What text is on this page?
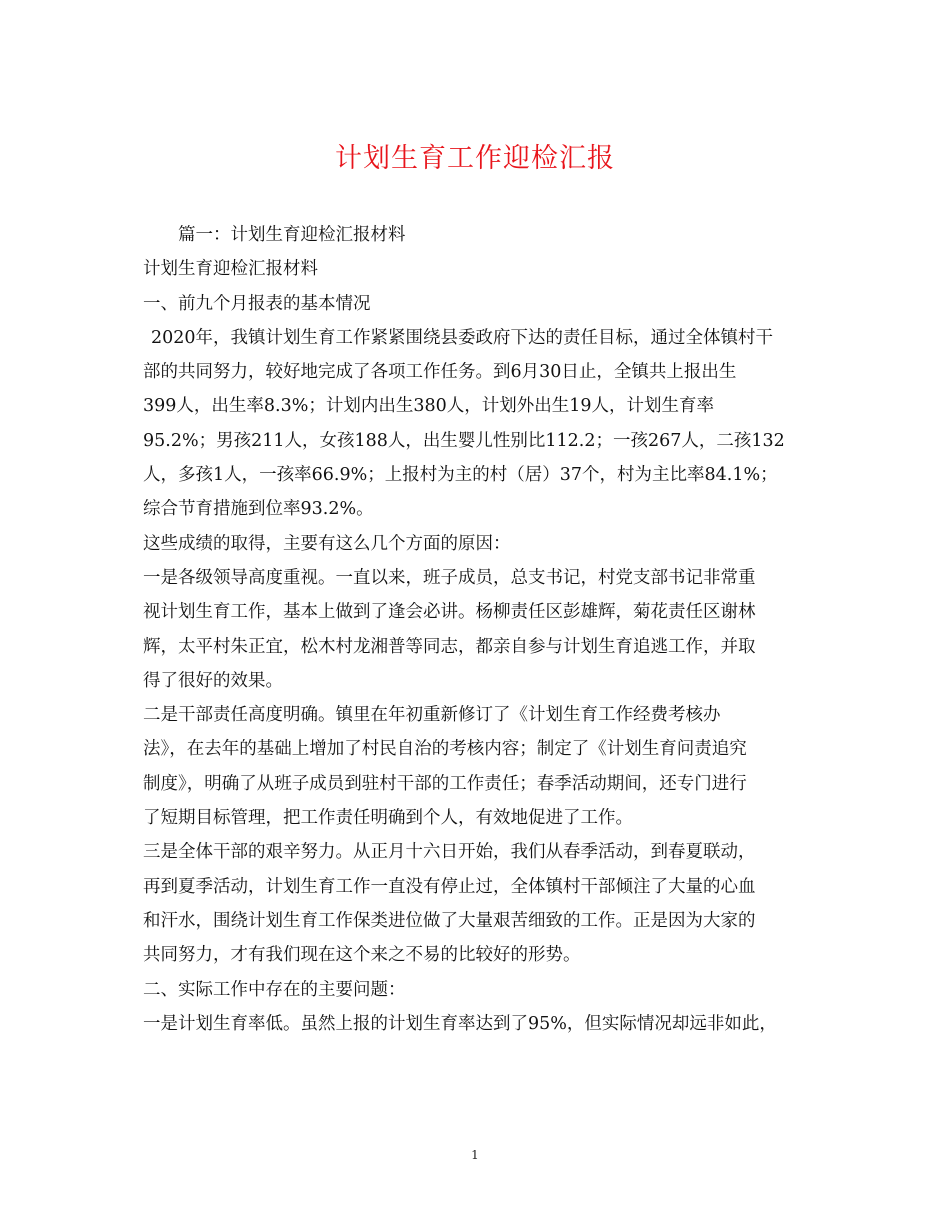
计划生育工作迎检汇报
篇一：计划生育迎检汇报材料
计划生育迎检汇报材料
一、前九个月报表的基本情况
2020年，我镇计划生育工作紧紧围绕县委政府下达的责任目标，通过全体镇村干
部的共同努力，较好地完成了各项工作任务。到6月30日止，全镇共上报出生
399人，出生率8.3%；计划内出生380人，计划外出生19人，计划生育率
95.2%；男孩211人，女孩188人，出生婴儿性别比112.2；一孩267人，二孩132
人，多孩1人，一孩率66.9%；上报村为主的村（居）37个，村为主比率84.1%；
综合节育措施到位率93.2%。
这些成绩的取得，主要有这么几个方面的原因：
一是各级领导高度重视。一直以来，班子成员，总支书记，村党支部书记非常重
视计划生育工作，基本上做到了逢会必讲。杨柳责任区彭雄辉，菊花责任区谢林
辉，太平村朱正宜，松木村龙湘普等同志，都亲自参与计划生育追逃工作，并取
得了很好的效果。
二是干部责任高度明确。镇里在年初重新修订了《计划生育工作经费考核办
法》，在去年的基础上增加了村民自治的考核内容；制定了《计划生育问责追究
制度》，明确了从班子成员到驻村干部的工作责任；春季活动期间，还专门进行
了短期目标管理，把工作责任明确到个人，有效地促进了工作。
三是全体干部的艰辛努力。从正月十六日开始，我们从春季活动，到春夏联动，
再到夏季活动，计划生育工作一直没有停止过，全体镇村干部倾注了大量的心血
和汗水，围绕计划生育工作保类进位做了大量艰苦细致的工作。正是因为大家的
共同努力，才有我们现在这个来之不易的比较好的形势。
二、实际工作中存在的主要问题：
一是计划生育率低。虽然上报的计划生育率达到了95%，但实际情况却远非如此，
1
